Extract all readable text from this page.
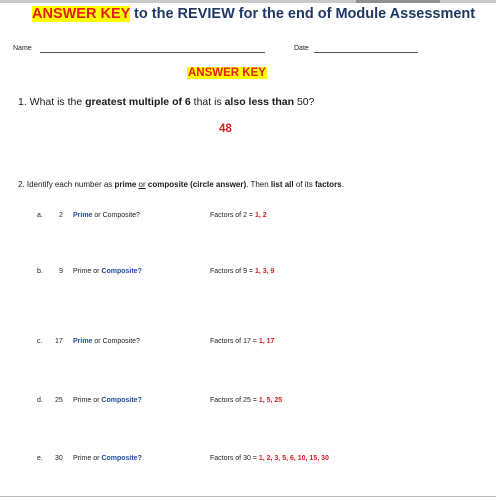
ANSWER KEY to the REVIEW for the end of Module Assessment
Name	Date
ANSWER KEY
1. What is the greatest multiple of 6 that is also less than 50?
48
2. Identify each number as prime or composite (circle answer). Then list all of its factors.
a. 2 Prime or Composite?	Factors of 2 = 1, 2
b. 9 Prime or Composite?	Factors of 9 = 1, 3, 9
c. 17 Prime or Composite?	Factors of 17 = 1, 17
d. 25 Prime or Composite?	Factors of 25 = 1, 5, 25
e. 30 Prime or Composite?	Factors of 30 = 1, 2, 3, 5, 6, 10, 15, 30
